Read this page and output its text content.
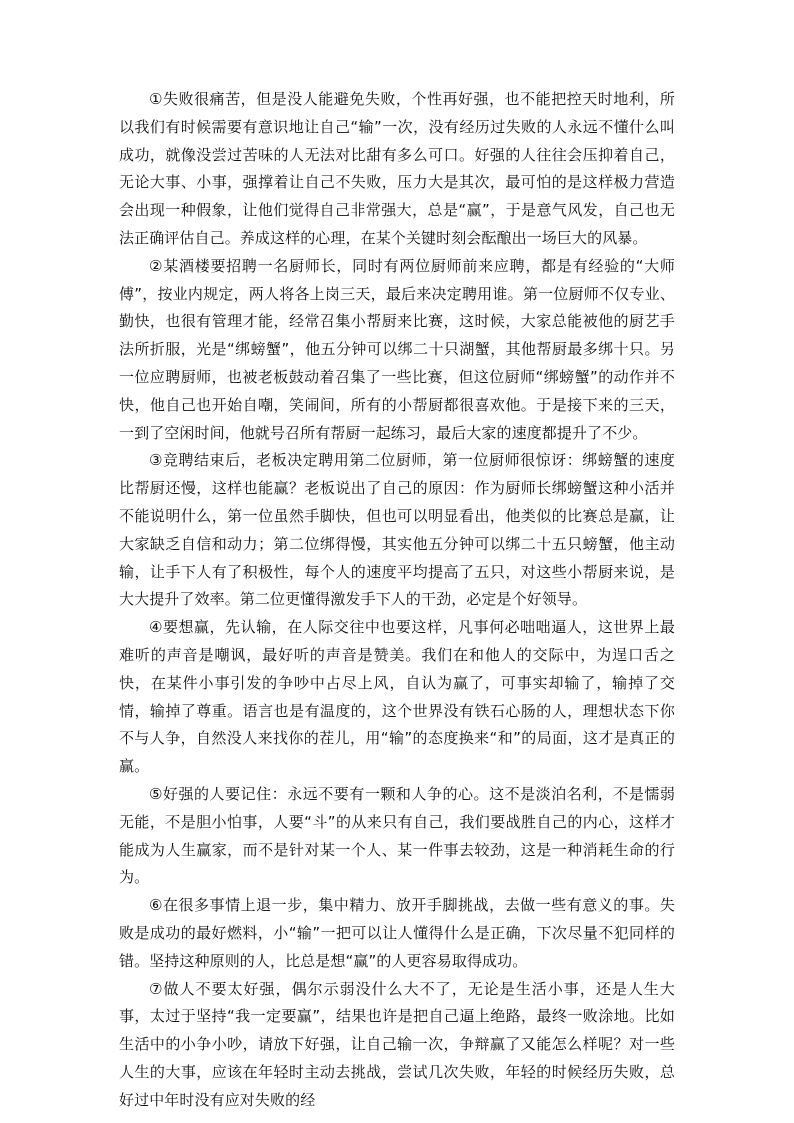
①失败很痛苦，但是没人能避免失败，个性再好强，也不能把控天时地利，所以我们有时候需要有意识地让自己“输”一次，没有经历过失败的人永远不懂什么叫成功，就像没尝过苦味的人无法对比甜有多么可口。好强的人往往会压抑着自己，无论大事、小事，强撑着让自己不失败，压力大是其次，最可怕的是这样极力营造会出现一种假象，让他们觉得自己非常强大，总是“赢”，于是意气风发，自己也无法正确评估自己。养成这样的心理，在某个关键时刻会酝酿出一场巨大的风暴。

②某酒楼要招聘一名厨师长，同时有两位厨师前来应聘，都是有经验的“大师傅”，按业内规定，两人将各上岗三天，最后来决定聘用谁。第一位厨师不仅专业、勤快，也很有管理才能，经常召集小帮厨来比赛，这时候，大家总能被他的厨艺手法所折服，光是“绑螃蟹”，他五分钟可以绑二十只湖蟹，其他帮厨最多绑十只。另一位应聘厨师，也被老板鼓动着召集了一些比赛，但这位厨师“绑螃蟹”的动作并不快，他自己也开始自嘲，笑闹间，所有的小帮厨都很喜欢他。于是接下来的三天，一到了空闲时间，他就号召所有帮厨一起练习，最后大家的速度都提升了不少。

③竞聘结束后，老板决定聘用第二位厨师，第一位厨师很惊讶：绑螃蟹的速度比帮厨还慢，这样也能赢？老板说出了自己的原因：作为厨师长绑螃蟹这种小活并不能说明什么，第一位虽然手脚快，但也可以明显看出，他类似的比赛总是赢，让大家缺乏自信和动力；第二位绑得慢，其实他五分钟可以绑二十五只螃蟹，他主动输，让手下人有了积极性，每个人的速度平均提高了五只，对这些小帮厨来说，是大大提升了效率。第二位更懂得激发手下人的干劲，必定是个好领导。

④要想赢，先认输，在人际交往中也要这样，凡事何必咄咄逼人，这世界上最难听的声音是嘲讽，最好听的声音是赞美。我们在和他人的交际中，为逞口舌之快，在某件小事引发的争吵中占尽上风，自认为赢了，可事实却输了，输掉了交情，输掉了尊重。语言也是有温度的，这个世界没有铁石心肠的人，理想状态下你不与人争，自然没人来找你的茬儿，用“输”的态度换来“和”的局面，这才是真正的赢。

⑤好强的人要记住：永远不要有一颗和人争的心。这不是淡泊名利，不是懦弱无能，不是胆小怕事，人要“斗”的从来只有自己，我们要战胜自己的内心，这样才能成为人生赢家，而不是针对某一个人、某一件事去较劲，这是一种消耗生命的行为。

⑥在很多事情上退一步，集中精力、放开手脚挑战，去做一些有意义的事。失败是成功的最好燃料，小“输”一把可以让人懂得什么是正确，下次尽量不犯同样的错。坚持这种原则的人，比总是想“赢”的人更容易取得成功。

⑦做人不要太好强，偶尔示弱没什么大不了，无论是生活小事，还是人生大事，太过于坚持“我一定要赢”，结果也许是把自己逼上绝路，最终一败涂地。比如生活中的小争小吵，请放下好强，让自己输一次，争辩赢了又能怎么样呢？对一些人生的大事，应该在年轻时主动去挑战，尝试几次失败，年轻的时候经历失败，总好过中年时没有应对失败的经
